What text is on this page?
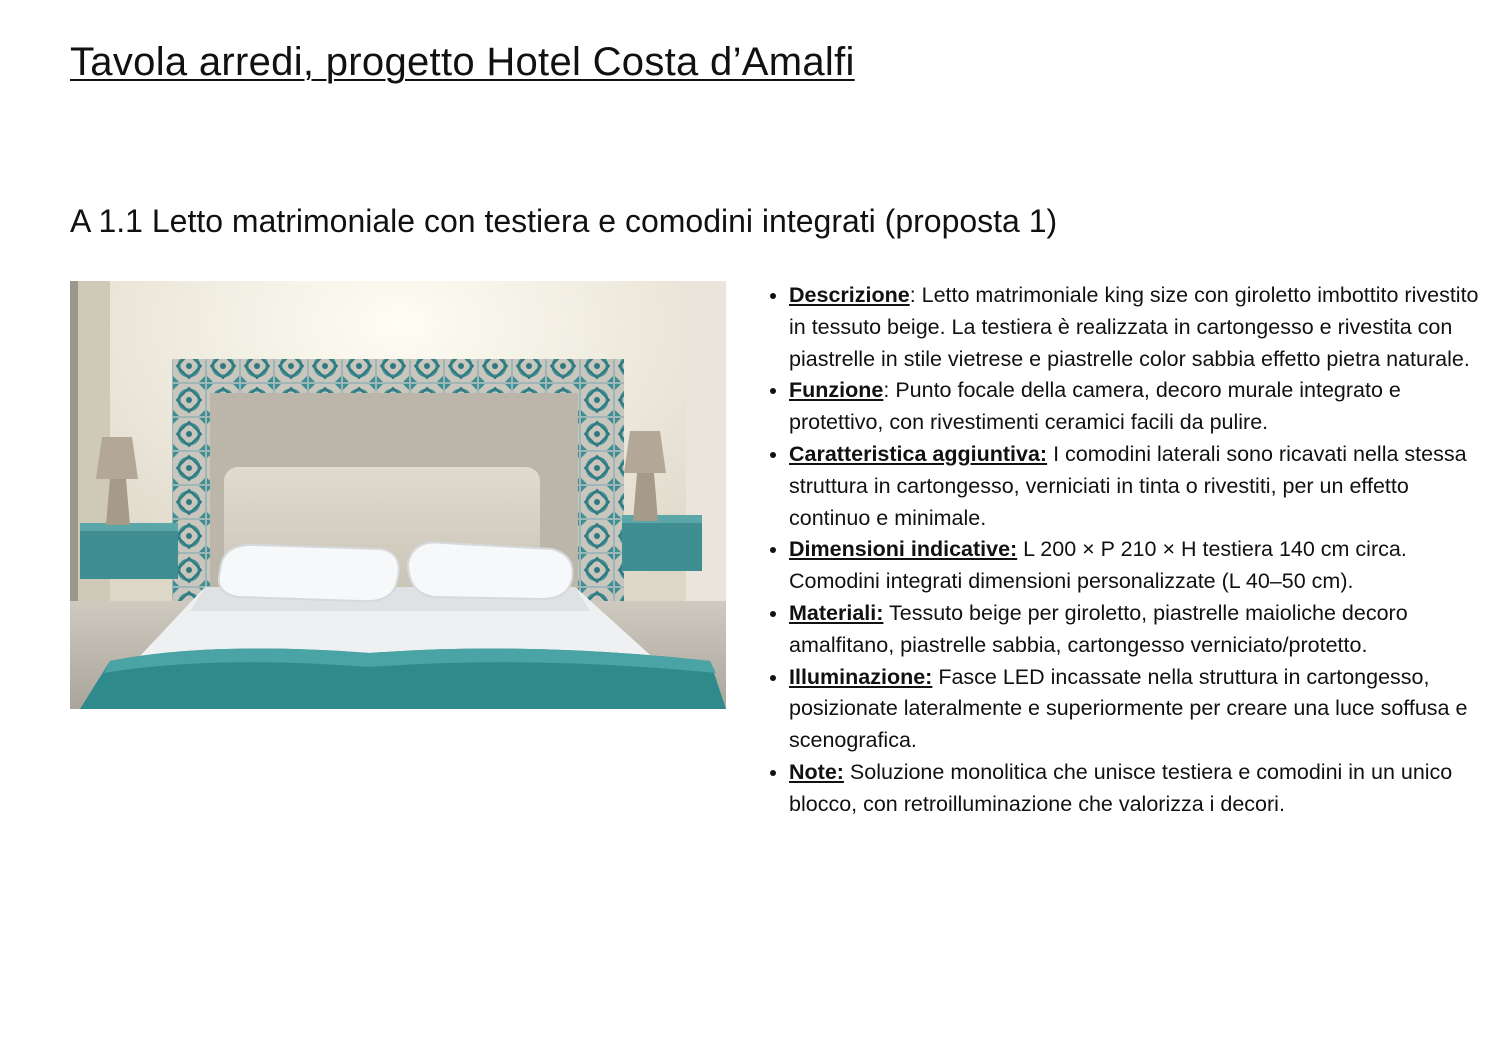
Tavola arredi, progetto Hotel Costa d’Amalfi
A 1.1 Letto matrimoniale con testiera e comodini integrati (proposta 1)
• Descrizione: Letto matrimoniale king size con giroletto imbottito rivestito in tessuto beige. La testiera è realizzata in cartongesso e rivestita con piastrelle in stile vietrese e piastrelle color sabbia effetto pietra naturale.
• Funzione: Punto focale della camera, decoro murale integrato e protettivo, con rivestimenti ceramici facili da pulire.
• Caratteristica aggiuntiva: I comodini laterali sono ricavati nella stessa struttura in cartongesso, verniciati in tinta o rivestiti, per un effetto continuo e minimale.
• Dimensioni indicative: L 200 × P 210 × H testiera 140 cm circa. Comodini integrati dimensioni personalizzate (L 40–50 cm).
• Materiali: Tessuto beige per giroletto, piastrelle maioliche decoro amalfitano, piastrelle sabbia, cartongesso verniciato/protetto.
• Illuminazione: Fasce LED incassate nella struttura in cartongesso, posizionate lateralmente e superiormente per creare una luce soffusa e scenografica.
• Note: Soluzione monolitica che unisce testiera e comodini in un unico blocco, con retroilluminazione che valorizza i decori.
